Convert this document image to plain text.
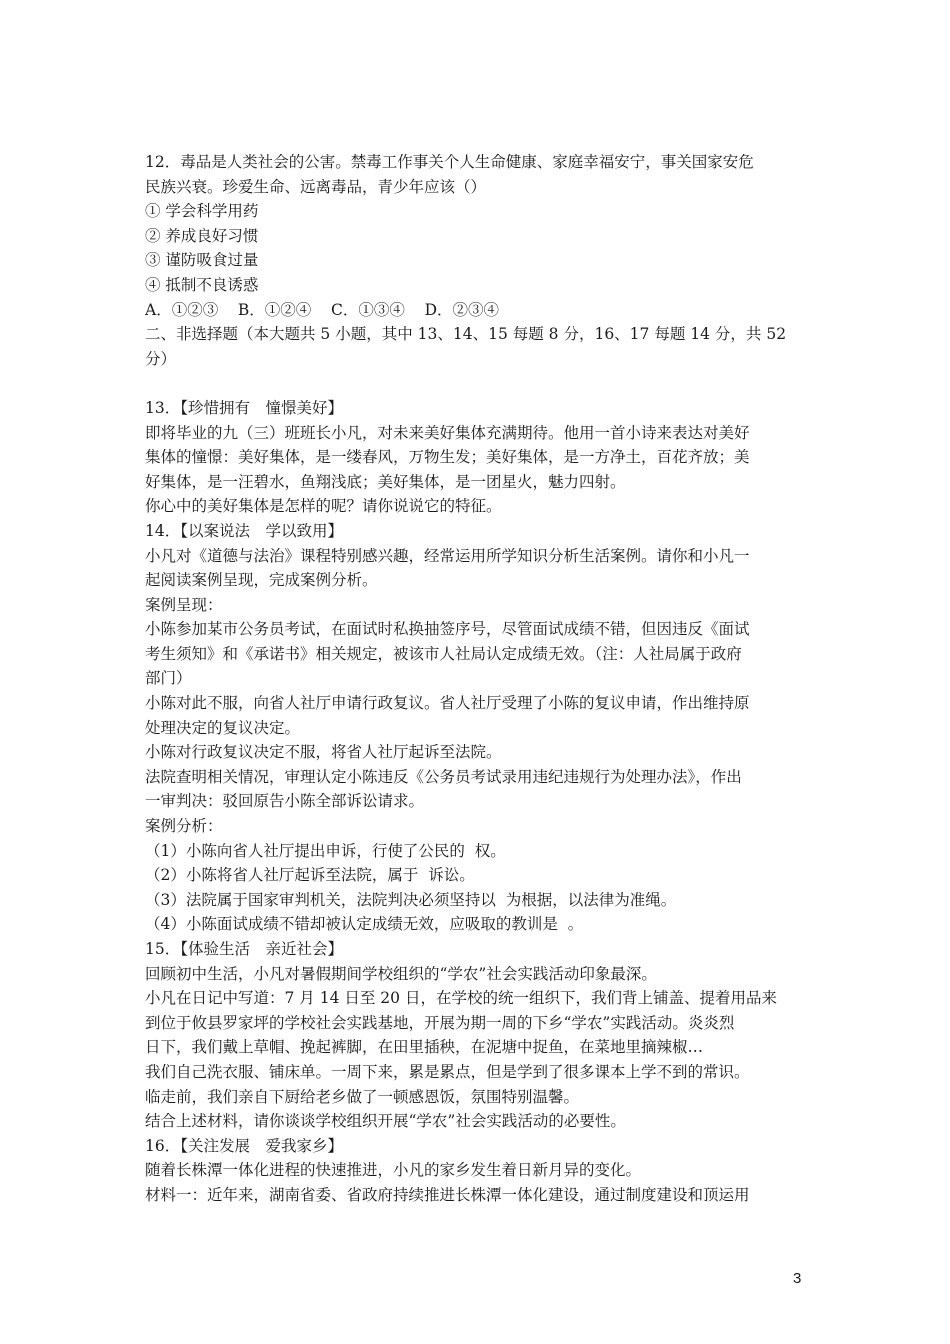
12．毒品是人类社会的公害。禁毒工作事关个人生命健康、家庭幸福安宁，事关国家安危
民族兴衰。珍爱生命、远离毒品，青少年应该（）
① 学会科学用药
② 养成良好习惯
③ 谨防吸食过量
④ 抵制不良诱惑
A．①②③    B．①②④    C．①③④    D．②③④
二、非选择题（本大题共 5 小题，其中 13、14、15 每题 8 分，16、17 每题 14 分，共 52
分）
13．【珍惜拥有　憧憬美好】
即将毕业的九（三）班班长小凡，对未来美好集体充满期待。他用一首小诗来表达对美好
集体的憧憬：美好集体，是一缕春风，万物生发；美好集体，是一方净土，百花齐放；美
好集体，是一汪碧水，鱼翔浅底；美好集体，是一团星火，魅力四射。
你心中的美好集体是怎样的呢？请你说说它的特征。
14．【以案说法　学以致用】
小凡对《道德与法治》课程特别感兴趣，经常运用所学知识分析生活案例。请你和小凡一
起阅读案例呈现，完成案例分析。
案例呈现：
小陈参加某市公务员考试，在面试时私换抽签序号，尽管面试成绩不错，但因违反《面试
考生须知》和《承诺书》相关规定，被该市人社局认定成绩无效。（注：人社局属于政府
部门）
小陈对此不服，向省人社厅申请行政复议。省人社厅受理了小陈的复议申请，作出维持原
处理决定的复议决定。
小陈对行政复议决定不服，将省人社厅起诉至法院。
法院查明相关情况，审理认定小陈违反《公务员考试录用违纪违规行为处理办法》，作出
一审判决：驳回原告小陈全部诉讼请求。
案例分析：
（1）小陈向省人社厅提出申诉，行使了公民的  权。
（2）小陈将省人社厅起诉至法院，属于  诉讼。
（3）法院属于国家审判机关，法院判决必须坚持以  为根据，以法律为准绳。
（4）小陈面试成绩不错却被认定成绩无效，应吸取的教训是  。
15．【体验生活　亲近社会】
回顾初中生活，小凡对暑假期间学校组织的“学农”社会实践活动印象最深。
小凡在日记中写道：7 月 14 日至 20 日，在学校的统一组织下，我们背上铺盖、提着用品来
到位于攸县罗家坪的学校社会实践基地，开展为期一周的下乡“学农”实践活动。炎炎烈
日下，我们戴上草帽、挽起裤脚，在田里插秧，在泥塘中捉鱼，在菜地里摘辣椒…
我们自己洗衣服、铺床单。一周下来，累是累点，但是学到了很多课本上学不到的常识。
临走前，我们亲自下厨给老乡做了一顿感恩饭，氛围特别温馨。
结合上述材料，请你谈谈学校组织开展“学农”社会实践活动的必要性。
16．【关注发展　爱我家乡】
随着长株潭一体化进程的快速推进，小凡的家乡发生着日新月异的变化。
材料一：近年来，湖南省委、省政府持续推进长株潭一体化建设，通过制度建设和顶运用
3
